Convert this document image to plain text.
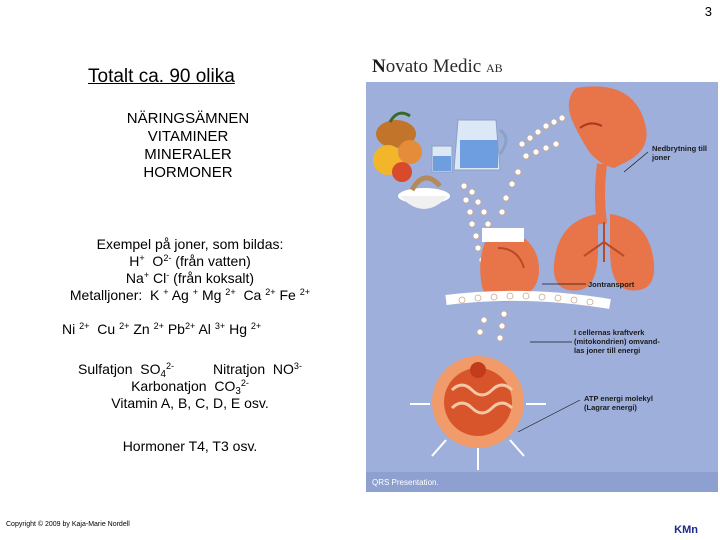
3
Totalt ca. 90 olika
NÄRINGSÄMNEN
VITAMINER
MINERALER
HORMONER
Exempel på joner, som bildas:
H+ $O^{2-}$ (från vatten)
Na+ Cl- (från koksalt)
Metalljoner: K + Ag + Mg $^{2+}$ Ca $^{2+}$ Fe $^{2+}$
Ni $^{2+}$ Cu $^{2+}$ Zn $^{2+}$ $Pb^{2+}$ Al $^{3+}$ Hg $^{2+}$
Sulfatjon $SO_4^{2-}$	Nitratjon $NO^{3-}$
Karbonatjon $CO_3^{2-}$
Vitamin A, B, C, D, E osv.
Hormoner T4, T3 osv.
Copyright © 2009 by Kaja-Marie Nordell	KMn
Nedbrytning till
joner
Jontransport
I cellernas kraftverk
(mitokondrien) omvand-
las joner till energi
ATP energi molekyl
(Lagrar energi)
Novato Medic AB
QRS Presentation.
